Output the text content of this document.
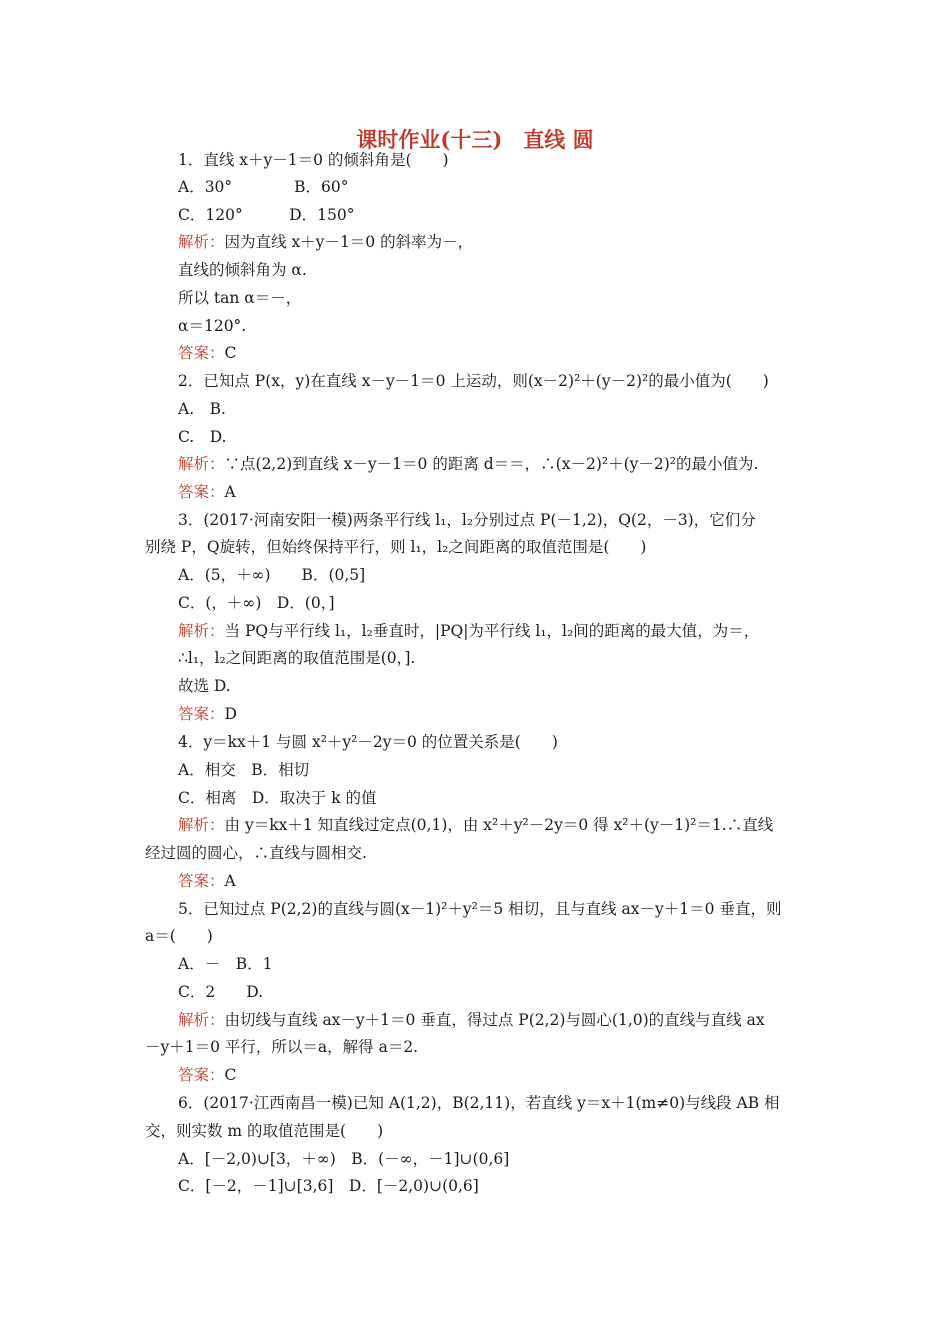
课时作业(十三)　直线 圆
1．直线 x＋y－1＝0 的倾斜角是(　　)
A．30°　　　　B．60°
C．120°　　　D．150°
解析：因为直线 x＋y－1＝0 的斜率为－，
直线的倾斜角为 α.
所以 tan α＝－，
α＝120°.
答案：C
2．已知点 P(x，y)在直线 x－y－1＝0 上运动，则(x－2)²＋(y－2)²的最小值为(　　)
A.　B.
C.　D.
解析：∵点(2,2)到直线 x－y－1＝0 的距离 d＝＝，∴(x－2)²＋(y－2)²的最小值为.
答案：A
3．(2017·河南安阳一模)两条平行线 l₁，l₂分别过点 P(－1,2)，Q(2，－3)，它们分
别绕 P，Q旋转，但始终保持平行，则 l₁，l₂之间距离的取值范围是(　　)
A．(5，＋∞)　　B．(0,5]
C．(，＋∞)　D．(0，]
解析：当 PQ与平行线 l₁，l₂垂直时，|PQ|为平行线 l₁，l₂间的距离的最大值，为＝，
∴l₁，l₂之间距离的取值范围是(0，].
故选 D.
答案：D
4．y＝kx＋1 与圆 x²＋y²－2y＝0 的位置关系是(　　)
A．相交　B．相切
C．相离　D．取决于 k 的值
解析：由 y＝kx＋1 知直线过定点(0,1)，由 x²＋y²－2y＝0 得 x²＋(y－1)²＝1.∴直线
经过圆的圆心，∴直线与圆相交.
答案：A
5．已知过点 P(2,2)的直线与圆(x－1)²＋y²＝5 相切，且与直线 ax－y＋1＝0 垂直，则
a＝(　　)
A．－　B．1
C．2　　D.
解析：由切线与直线 ax－y＋1＝0 垂直，得过点 P(2,2)与圆心(1,0)的直线与直线 ax
－y＋1＝0 平行，所以＝a，解得 a＝2.
答案：C
6．(2017·江西南昌一模)已知 A(1,2)，B(2,11)，若直线 y＝x＋1(m≠0)与线段 AB 相
交，则实数 m 的取值范围是(　　)
A．[－2,0)∪[3，＋∞)　B．(－∞，－1]∪(0,6]
C．[－2，－1]∪[3,6]　D．[－2,0)∪(0,6]
